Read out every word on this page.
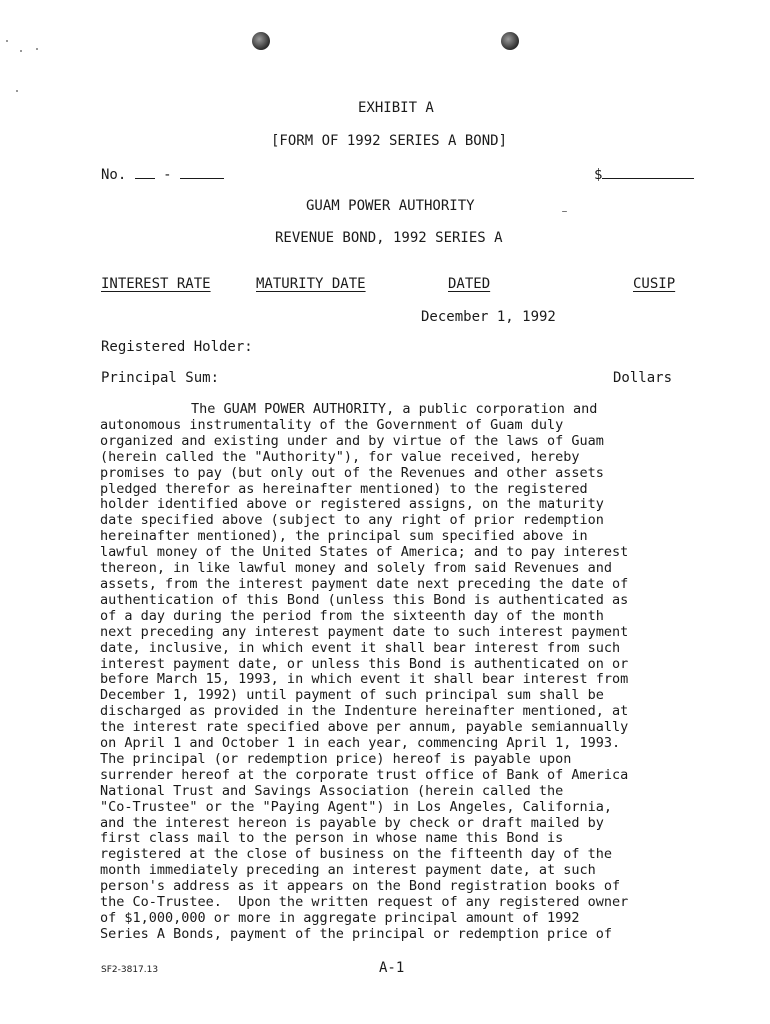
EXHIBIT A
[FORM OF 1992 SERIES A BOND]
No.	-	$
GUAM POWER AUTHORITY
REVENUE BOND, 1992 SERIES A
INTEREST RATE	MATURITY DATE	DATED	CUSIP
December 1, 1992
Registered Holder:
Principal Sum:	Dollars
The GUAM POWER AUTHORITY, a public corporation and
autonomous instrumentality of the Government of Guam duly
organized and existing under and by virtue of the laws of Guam
(herein called the "Authority"), for value received, hereby
promises to pay (but only out of the Revenues and other assets
pledged therefor as hereinafter mentioned) to the registered
holder identified above or registered assigns, on the maturity
date specified above (subject to any right of prior redemption
hereinafter mentioned), the principal sum specified above in
lawful money of the United States of America; and to pay interest
thereon, in like lawful money and solely from said Revenues and
assets, from the interest payment date next preceding the date of
authentication of this Bond (unless this Bond is authenticated as
of a day during the period from the sixteenth day of the month
next preceding any interest payment date to such interest payment
date, inclusive, in which event it shall bear interest from such
interest payment date, or unless this Bond is authenticated on or
before March 15, 1993, in which event it shall bear interest from
December 1, 1992) until payment of such principal sum shall be
discharged as provided in the Indenture hereinafter mentioned, at
the interest rate specified above per annum, payable semiannually
on April 1 and October 1 in each year, commencing April 1, 1993.
The principal (or redemption price) hereof is payable upon
surrender hereof at the corporate trust office of Bank of America
National Trust and Savings Association (herein called the
"Co-Trustee" or the "Paying Agent") in Los Angeles, California,
and the interest hereon is payable by check or draft mailed by
first class mail to the person in whose name this Bond is
registered at the close of business on the fifteenth day of the
month immediately preceding an interest payment date, at such
person's address as it appears on the Bond registration books of
the Co-Trustee.  Upon the written request of any registered owner
of $1,000,000 or more in aggregate principal amount of 1992
Series A Bonds, payment of the principal or redemption price of
SF2-3817.13	A-1
